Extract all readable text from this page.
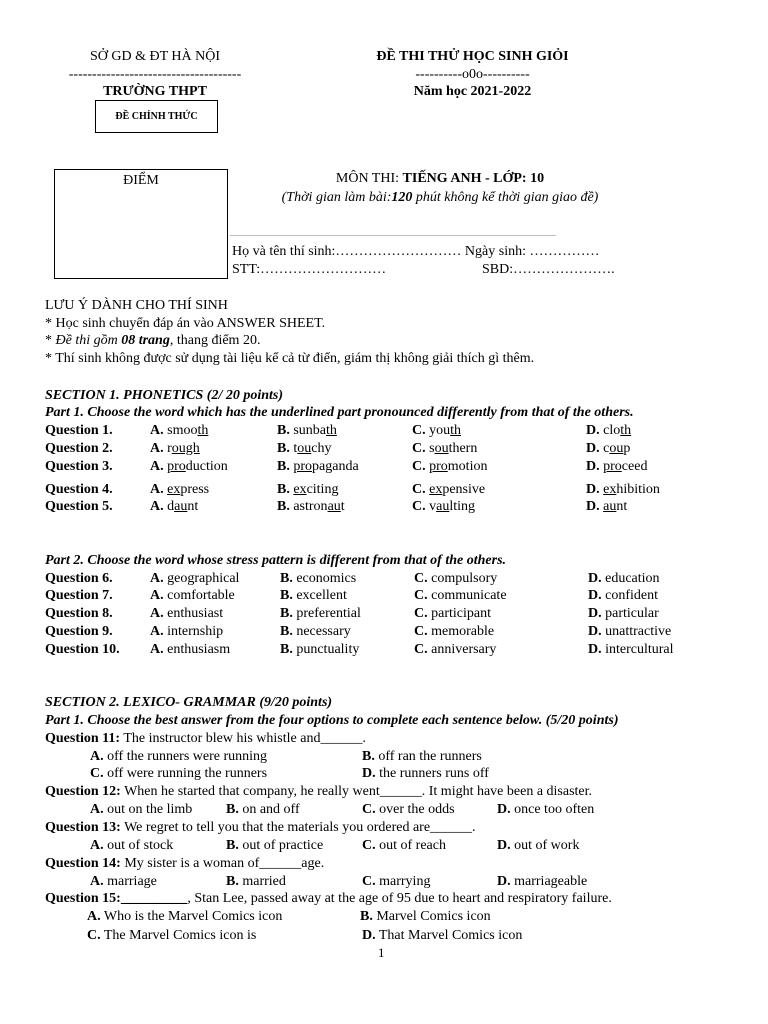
SỞ GD & ĐT HÀ NỘI
-------------------------------------
TRƯỜNG THPT
ĐỀ CHÍNH THỨC
ĐỀ THI THỬ HỌC SINH GIỎI
----------o0o----------
Năm học 2021-2022
ĐIỂM	MÔN THI: TIẾNG ANH - LỚP: 10
(Thời gian làm bài:120 phút không kể thời gian giao đề)
...................................................................................................................................................................
Họ và tên thí sinh:……………………… Ngày sinh: ……………
STT:………………………	SBD:………………….
LƯU Ý DÀNH CHO THÍ SINH
* Học sinh chuyển đáp án vào ANSWER SHEET.
* Đề thi gồm 08 trang, thang điểm 20.
* Thí sinh không được sử dụng tài liệu kể cả từ điển, giám thị không giải thích gì thêm.
SECTION 1. PHONETICS (2/ 20 points)
Part 1. Choose the word which has the underlined part pronounced differently from that of the others.
Question 1.	A. smooth	B. sunbath	C. youth	D. cloth
Question 2.	A. rough	B. touchy	C. southern	D. coup
Question 3.	A. production	B. propaganda	C. promotion	D. proceed
Question 4.	A. express	B. exciting	C. expensive	D. exhibition
Question 5.	A. daunt	B. astronaut	C. vaulting	D. aunt
Part 2. Choose the word whose stress pattern is different from that of the others.
Question 6.	A. geographical	B. economics	C. compulsory	D. education
Question 7.	A. comfortable	B. excellent	C. communicate	D. confident
Question 8.	A. enthusiast	B. preferential	C. participant	D. particular
Question 9.	A. internship	B. necessary	C. memorable	D. unattractive
Question 10. A. enthusiasm	B. punctuality	C. anniversary	D. intercultural
SECTION 2. LEXICO- GRAMMAR (9/20 points)
Part 1. Choose the best answer from the four options to complete each sentence below. (5/20 points)
Question 11: The instructor blew his whistle and______.
A. off the runners were running	B. off ran the runners
C. off were running the runners	D. the runners runs off
Question 12: When he started that company, he really went______. It might have been a disaster.
A. out on the limb B. on and off	C. over the odds	D. once too often
Question 13: We regret to tell you that the materials you ordered are______.
A. out of stock	B. out of practice	C. out of reach	D. out of work
Question 14: My sister is a woman of______age.
A. marriage	B. married	C. marrying	D. marriageable
Question 15: _________, Stan Lee, passed away at the age of 95 due to heart and respiratory failure.
A. Who is the Marvel Comics icon	B. Marvel Comics icon
C. The Marvel Comics icon is	D. That Marvel Comics icon
1
